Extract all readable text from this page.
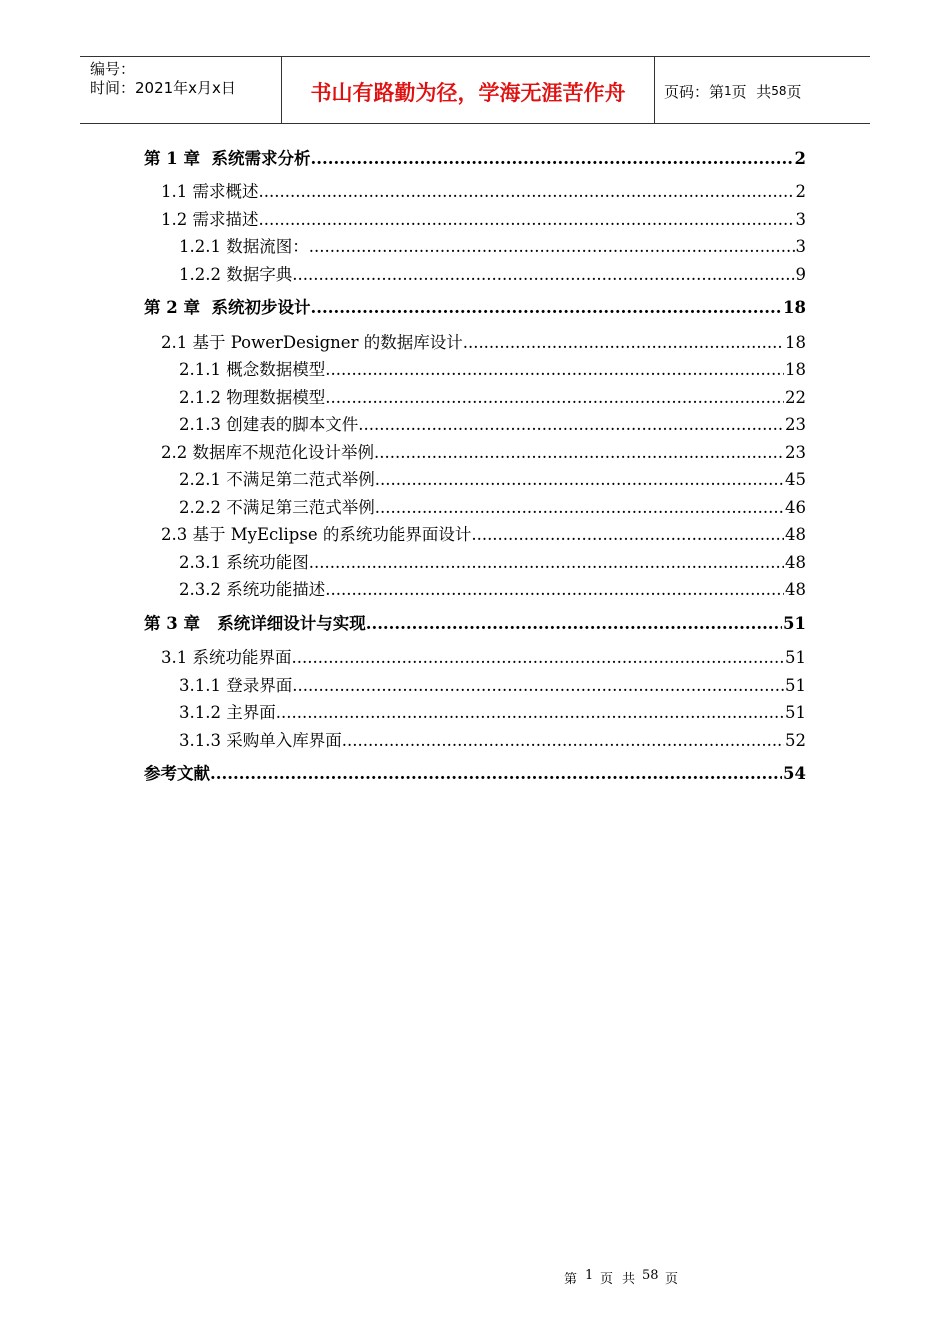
编号：
时间：2021年x月x日	书山有路勤为径，学海无涯苦作舟	页码：第 1 页  共 58 页
第 1 章  系统需求分析 .....	2
1.1 需求概述 .....	2
1.2 需求描述 .....	3
1.2.1 数据流图： .....	3
1.2.2 数据字典 .....	9
第 2 章  系统初步设计 .....	18
2.1 基于 PowerDesigner 的数据库设计 .....	18
2.1.1 概念数据模型 .....	18
2.1.2 物理数据模型 .....	22
2.1.3 创建表的脚本文件 .....	23
2.2 数据库不规范化设计举例 .....	23
2.2.1 不满足第二范式举例 .....	45
2.2.2 不满足第三范式举例 .....	46
2.3 基于 MyEclipse 的系统功能界面设计 .....	48
2.3.1 系统功能图 .....	48
2.3.2 系统功能描述 .....	48
第 3 章   系统详细设计与实现 .....	51
3.1 系统功能界面 .....	51
3.1.1 登录界面 .....	51
3.1.2 主界面 .....	51
3.1.3 采购单入库界面 .....	52
参考文献 .....	54
第 1 页 共 58 页
